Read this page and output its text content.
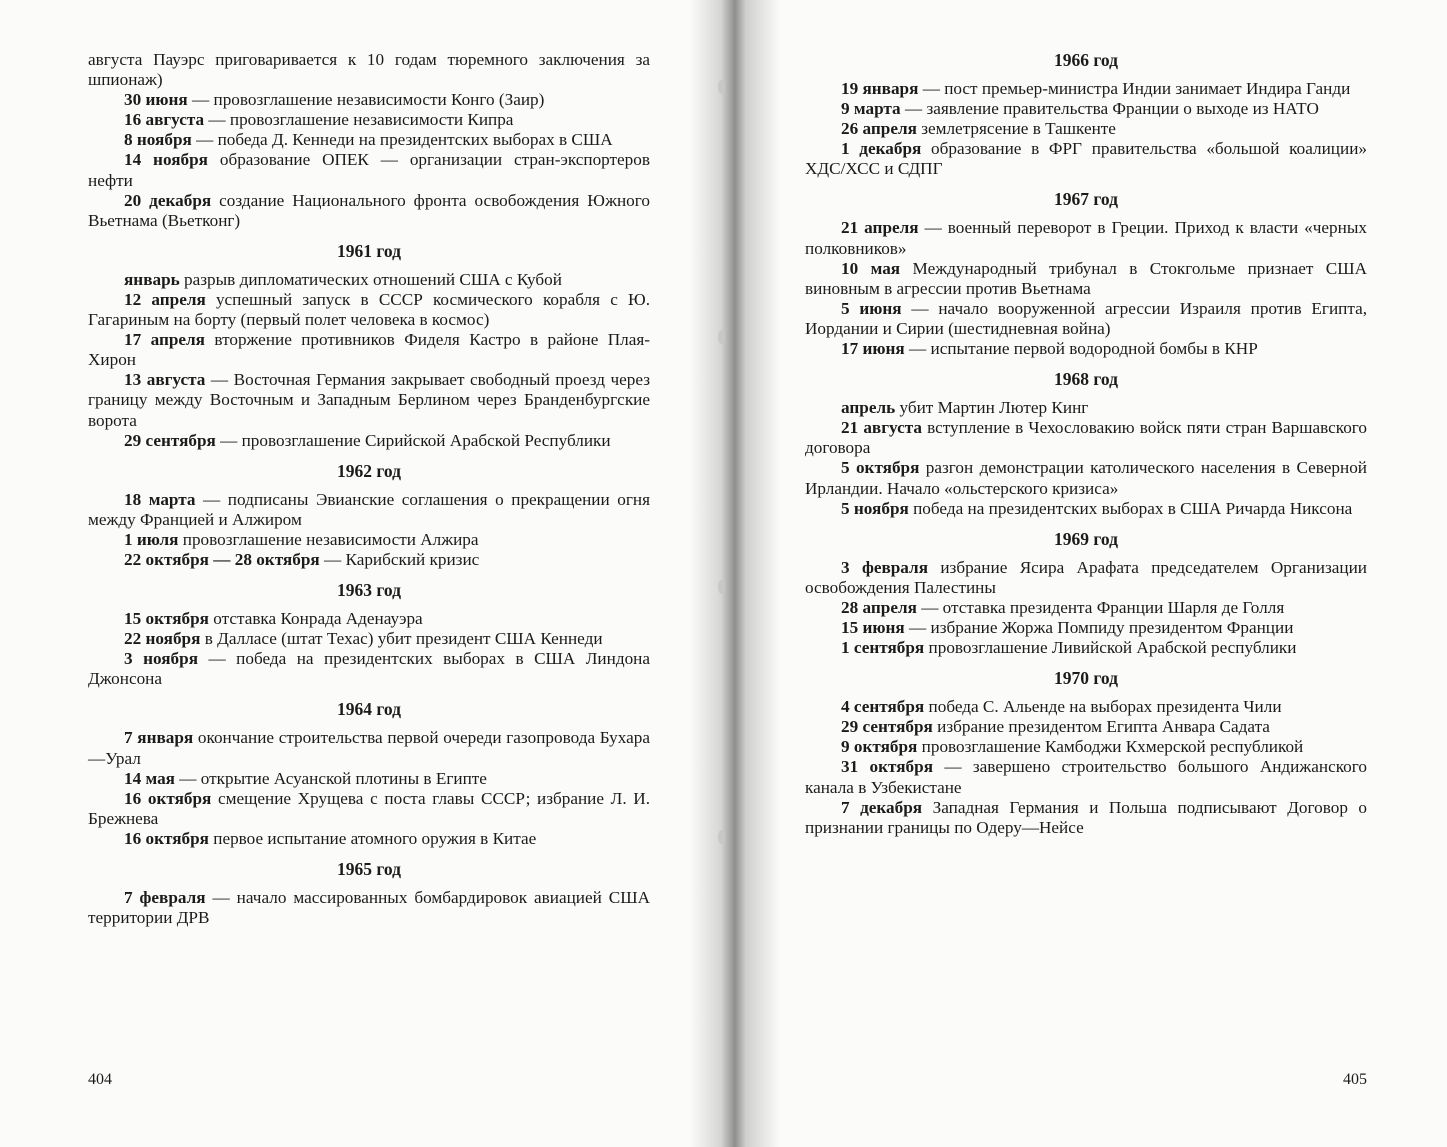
августа Пауэрс приговаривается к 10 годам тюремного заключения за шпионаж)

30 июня — провозглашение независимости Конго (Заир)

16 августа — провозглашение независимости Кипра

8 ноября — победа Д. Кеннеди на президентских выборах в США

14 ноября образование ОПЕК — организации стран-экспортеров нефти

20 декабря создание Национального фронта освобождения Южного Вьетнама (Вьетконг)

1961 год

январь разрыв дипломатических отношений США с Кубой

12 апреля успешный запуск в СССР космического корабля с Ю. Гагариным на борту (первый полет человека в космос)

17 апреля вторжение противников Фиделя Кастро в районе Плая-Хирон

13 августа — Восточная Германия закрывает свободный проезд через границу между Восточным и Западным Берлином через Бранденбургские ворота

29 сентября — провозглашение Сирийской Арабской Республики

1962 год

18 марта — подписаны Эвианские соглашения о прекращении огня между Францией и Алжиром

1 июля провозглашение независимости Алжира

22 октября — 28 октября — Карибский кризис

1963 год

15 октября отставка Конрада Аденауэра

22 ноября в Далласе (штат Техас) убит президент США Кеннеди

3 ноября — победа на президентских выборах в США Линдона Джонсона

1964 год

7 января окончание строительства первой очереди газопровода Бухара—Урал

14 мая — открытие Асуанской плотины в Египте

16 октября смещение Хрущева с поста главы СССР; избрание Л. И. Брежнева

16 октября первое испытание атомного оружия в Китае

1965 год

7 февраля — начало массированных бомбардировок авиацией США территории ДРВ

404
1966 год

19 января — пост премьер-министра Индии занимает Индира Ганди

9 марта — заявление правительства Франции о выходе из НАТО

26 апреля землетрясение в Ташкенте

1 декабря образование в ФРГ правительства «большой коалиции» ХДС/ХСС и СДПГ

1967 год

21 апреля — военный переворот в Греции. Приход к власти «черных полковников»

10 мая Международный трибунал в Стокгольме признает США виновным в агрессии против Вьетнама

5 июня — начало вооруженной агрессии Израиля против Египта, Иордании и Сирии (шестидневная война)

17 июня — испытание первой водородной бомбы в КНР

1968 год

апрель убит Мартин Лютер Кинг

21 августа вступление в Чехословакию войск пяти стран Варшавского договора

5 октября разгон демонстрации католического населения в Северной Ирландии. Начало «ольстерского кризиса»

5 ноября победа на президентских выборах в США Ричарда Никсона

1969 год

3 февраля избрание Ясира Арафата председателем Организации освобождения Палестины

28 апреля — отставка президента Франции Шарля де Голля

15 июня — избрание Жоржа Помпиду президентом Франции

1 сентября провозглашение Ливийской Арабской республики

1970 год

4 сентября победа С. Альенде на выборах президента Чили

29 сентября избрание президентом Египта Анвара Садата

9 октября провозглашение Камбоджи Кхмерской республикой

31 октября — завершено строительство большого Андижанского канала в Узбекистане

7 декабря Западная Германия и Польша подписывают Договор о признании границы по Одеру—Нейсе

405
